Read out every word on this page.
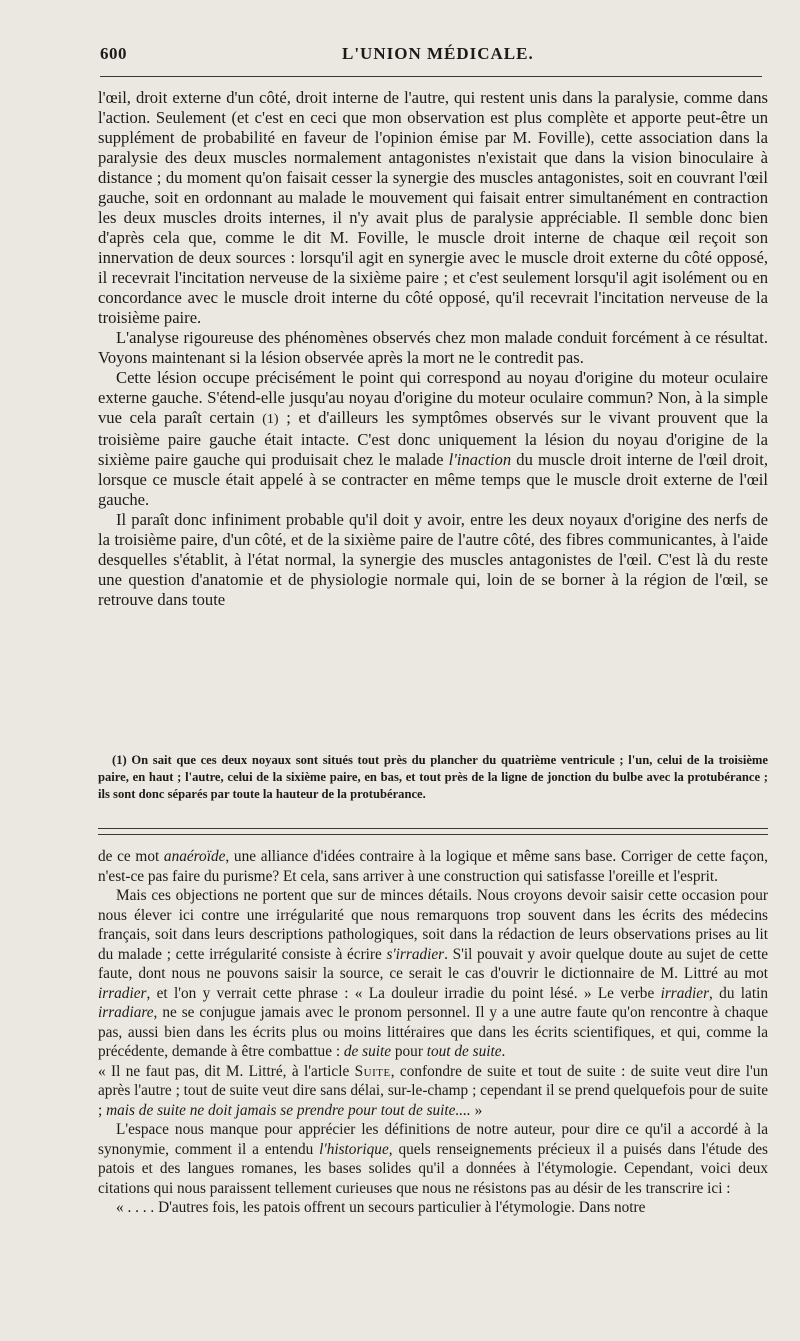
600	L'UNION MÉDICALE.

l'œil, droit externe d'un côté, droit interne de l'autre, qui restent unis dans la paralysie, comme dans l'action. Seulement (et c'est en ceci que mon observation est plus complète et apporte peut-être un supplément de probabilité en faveur de l'opinion émise par M. Foville), cette association dans la paralysie des deux muscles normalement antagonistes n'existait que dans la vision binoculaire à distance ; du moment qu'on faisait cesser la synergie des muscles antagonistes, soit en couvrant l'œil gauche, soit en ordonnant au malade le mouvement qui faisait entrer simultanément en contraction les deux muscles droits internes, il n'y avait plus de paralysie appréciable. Il semble donc bien d'après cela que, comme le dit M. Foville, le muscle droit interne de chaque œil reçoit son innervation de deux sources : lorsqu'il agit en synergie avec le muscle droit externe du côté opposé, il recevrait l'incitation nerveuse de la sixième paire ; et c'est seulement lorsqu'il agit isolément ou en concordance avec le muscle droit interne du côté opposé, qu'il recevrait l'incitation nerveuse de la troisième paire.

L'analyse rigoureuse des phénomènes observés chez mon malade conduit forcément à ce résultat. Voyons maintenant si la lésion observée après la mort ne le contredit pas.

Cette lésion occupe précisément le point qui correspond au noyau d'origine du moteur oculaire externe gauche. S'étend-elle jusqu'au noyau d'origine du moteur oculaire commun? Non, à la simple vue cela paraît certain (1) ; et d'ailleurs les symptômes observés sur le vivant prouvent que la troisième paire gauche était intacte. C'est donc uniquement la lésion du noyau d'origine de la sixième paire gauche qui produisait chez le malade l'inaction du muscle droit interne de l'œil droit, lorsque ce muscle était appelé à se contracter en même temps que le muscle droit externe de l'œil gauche.

Il paraît donc infiniment probable qu'il doit y avoir, entre les deux noyaux d'origine des nerfs de la troisième paire, d'un côté, et de la sixième paire de l'autre côté, des fibres communicantes, à l'aide desquelles s'établit, à l'état normal, la synergie des muscles antagonistes de l'œil. C'est là du reste une question d'anatomie et de physiologie normale qui, loin de se borner à la région de l'œil, se retrouve dans toute

(1) On sait que ces deux noyaux sont situés tout près du plancher du quatrième ventricule ; l'un, celui de la troisième paire, en haut ; l'autre, celui de la sixième paire, en bas, et tout près de la ligne de jonction du bulbe avec la protubérance ; ils sont donc séparés par toute la hauteur de la protubérance.

de ce mot anaéroïde, une alliance d'idées contraire à la logique et même sans base. Corriger de cette façon, n'est-ce pas faire du purisme? Et cela, sans arriver à une construction qui satisfasse l'oreille et l'esprit.

Mais ces objections ne portent que sur de minces détails. Nous croyons devoir saisir cette occasion pour nous élever ici contre une irrégularité que nous remarquons trop souvent dans les écrits des médecins français, soit dans leurs descriptions pathologiques, soit dans la rédaction de leurs observations prises au lit du malade ; cette irrégularité consiste à écrire s'irradier. S'il pouvait y avoir quelque doute au sujet de cette faute, dont nous ne pouvons saisir la source, ce serait le cas d'ouvrir le dictionnaire de M. Littré au mot irradier, et l'on y verrait cette phrase : « La douleur irradie du point lésé. » Le verbe irradier, du latin irradiare, ne se conjugue jamais avec le pronom personnel. Il y a une autre faute qu'on rencontre à chaque pas, aussi bien dans les écrits plus ou moins littéraires que dans les écrits scientifiques, et qui, comme la précédente, demande à être combattue : de suite pour tout de suite.

« Il ne faut pas, dit M. Littré, à l'article Suite, confondre de suite et tout de suite : de suite veut dire l'un après l'autre ; tout de suite veut dire sans délai, sur-le-champ ; cependant il se prend quelquefois pour de suite ; mais de suite ne doit jamais se prendre pour tout de suite.... »

L'espace nous manque pour apprécier les définitions de notre auteur, pour dire ce qu'il a accordé à la synonymie, comment il a entendu l'historique, quels renseignements précieux il a puisés dans l'étude des patois et des langues romanes, les bases solides qu'il a données à l'étymologie. Cependant, voici deux citations qui nous paraissent tellement curieuses que nous ne résistons pas au désir de les transcrire ici :

« . . . . D'autres fois, les patois offrent un secours particulier à l'étymologie. Dans notre
